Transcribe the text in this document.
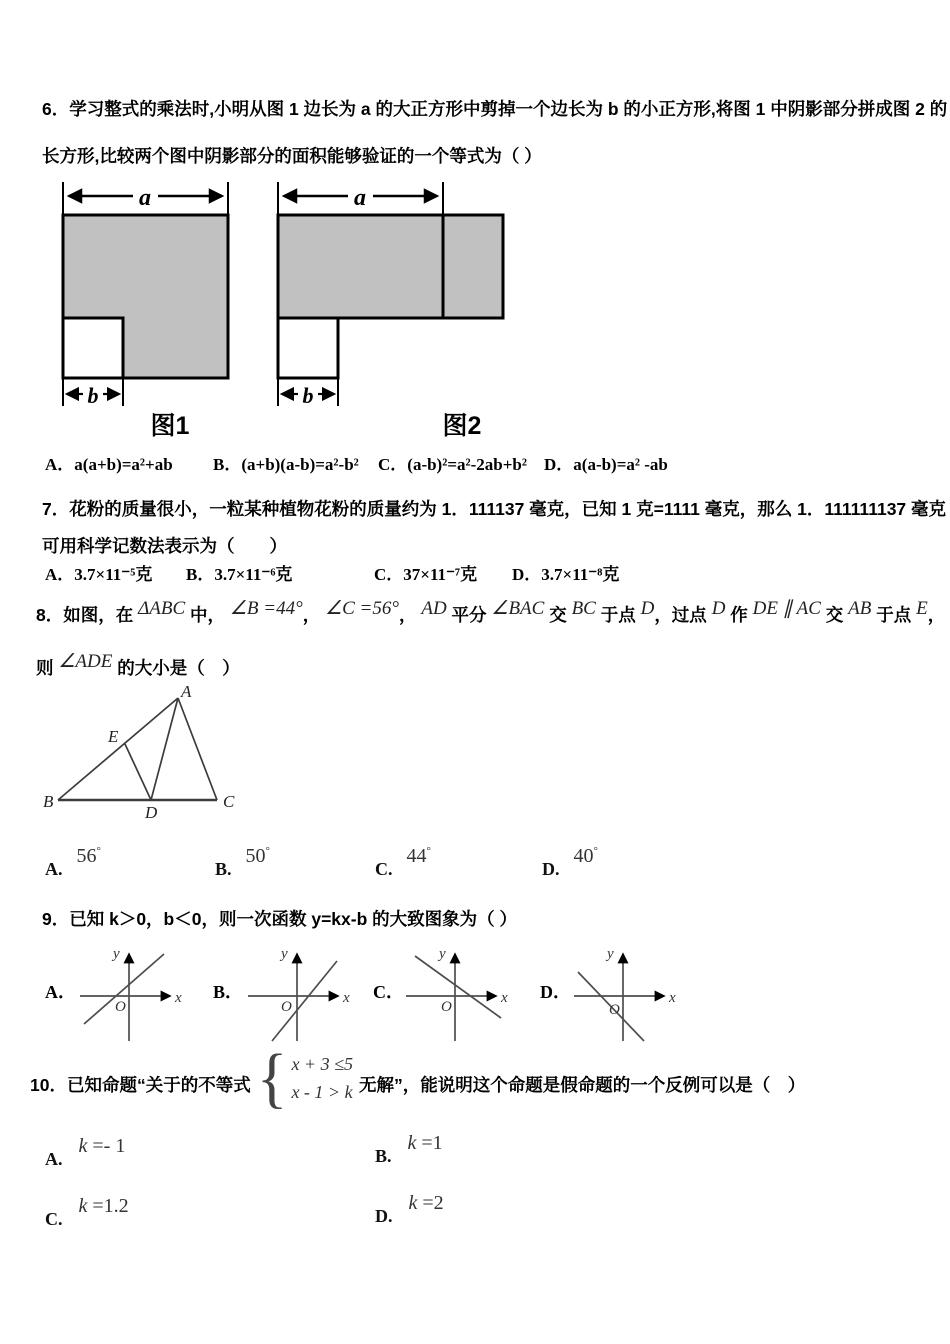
6．学习整式的乘法时,小明从图 1 边长为 a 的大正方形中剪掉一个边长为 b 的小正方形,将图 1 中阴影部分拼成图 2 的
长方形,比较两个图中阴影部分的面积能够验证的一个等式为（ ）
a
b
图1
a
b
图2
A．a(a+b)=a²+ab B．(a+b)(a-b)=a²-b² C．(a-b)²=a²-2ab+b² D．a(a-b)=a² -ab
7．花粉的质量很小，一粒某种植物花粉的质量约为 1．111137 毫克，已知 1 克=1111 毫克，那么 1．111111137 毫克
可用科学记数法表示为（　　）
A．3.7×11⁻⁵克 B．3.7×11⁻⁶克	C．37×11⁻⁷克 D．3.7×11⁻⁸克
8．如图，在 ΔABC 中， ∠B =44°， ∠C =56°， AD 平分 ∠BAC 交 BC 于点 D，过点 D 作 DE ∥ AC 交 AB 于点 E，
则 ∠ADE 的大小是（　）
A
B	C
D
E
A.56°
B.50°
C.44°
D.40°
9．已知 k＞0，b＜0，则一次函数 y=kx-b 的大致图象为（ ）
A．	B．	C．	D．
y
x
O
y
x
O
y
x
O
y
x
O
10．已知命题“关于的不等式 { x + 3 ≤5
x - 1 > k 无解”，能说明这个命题是假命题的一个反例可以是（　）
A.k =- 1	B.k =1
C.k =1.2	D.k =2
